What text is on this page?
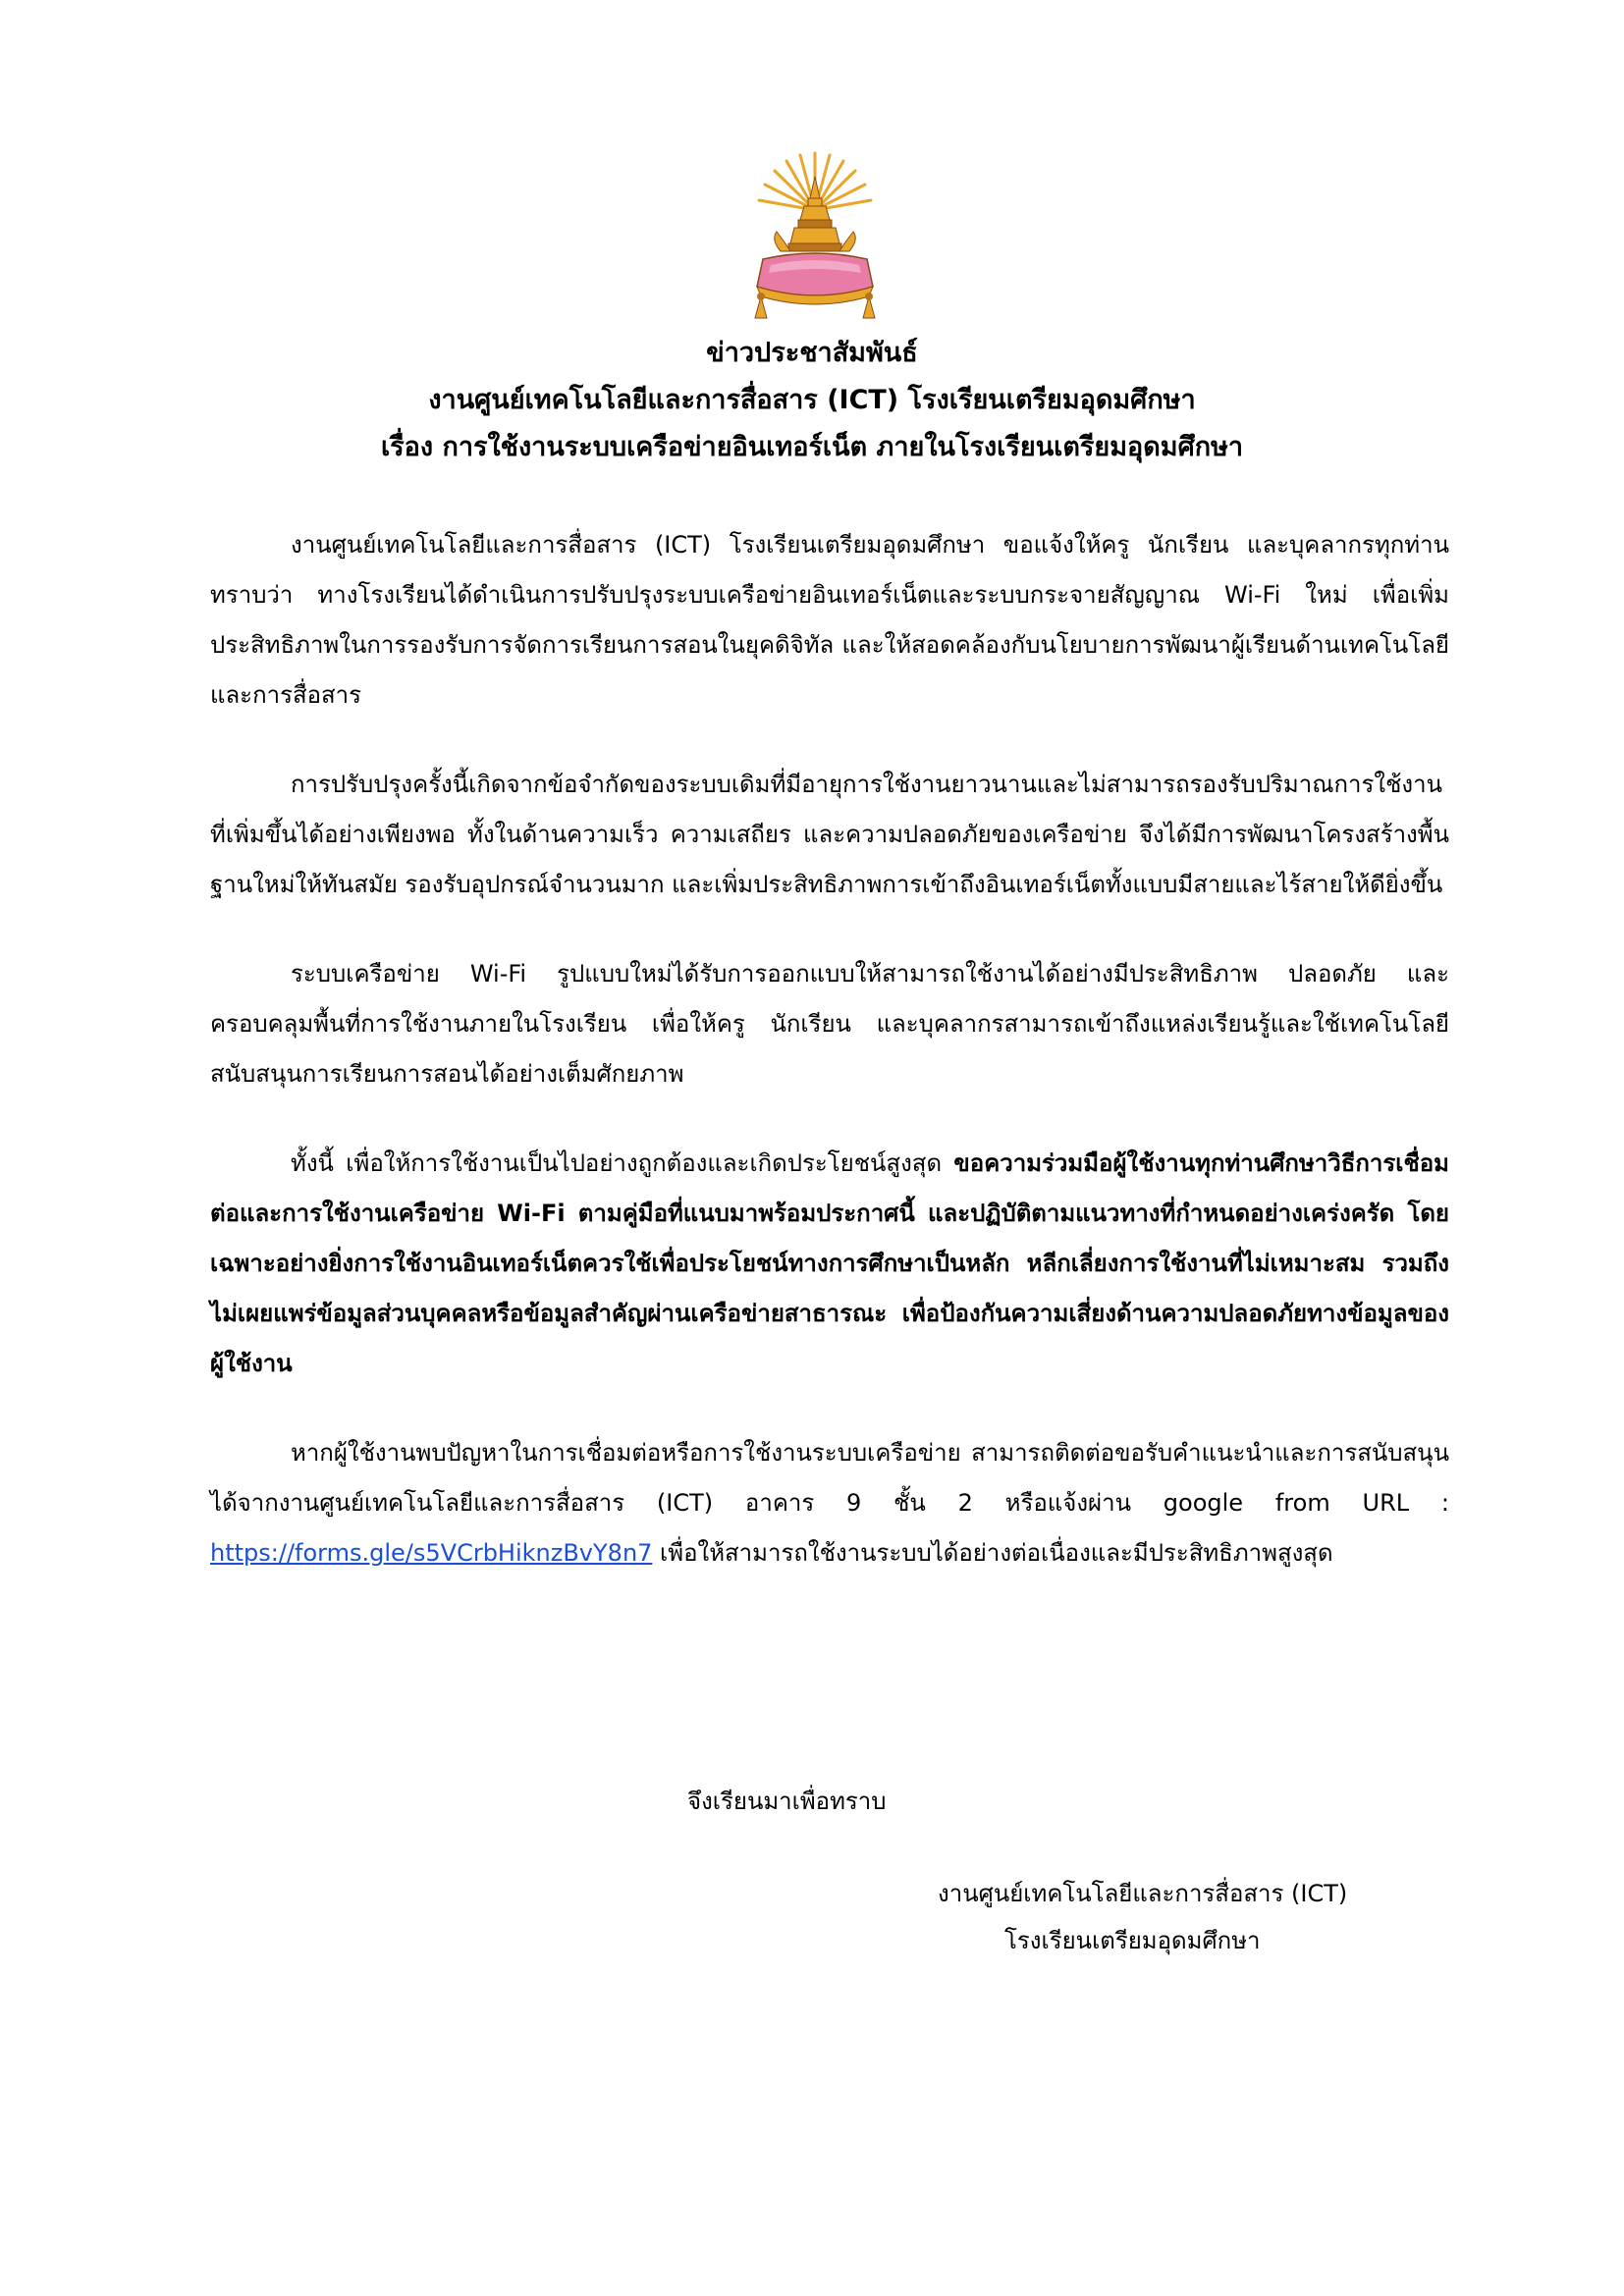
ข่าวประชาสัมพันธ์
งานศูนย์เทคโนโลยีและการสื่อสาร (ICT) โรงเรียนเตรียมอุดมศึกษา
เรื่อง การใช้งานระบบเครือข่ายอินเทอร์เน็ต ภายในโรงเรียนเตรียมอุดมศึกษา

งานศูนย์เทคโนโลยีและการสื่อสาร (ICT) โรงเรียนเตรียมอุดมศึกษา ขอแจ้งให้ครู นักเรียน และบุคลากรทุกท่านทราบว่า ทางโรงเรียนได้ดำเนินการปรับปรุงระบบเครือข่ายอินเทอร์เน็ตและระบบกระจายสัญญาณ Wi-Fi ใหม่ เพื่อเพิ่มประสิทธิภาพในการรองรับการจัดการเรียนการสอนในยุคดิจิทัล และให้สอดคล้องกับนโยบายการพัฒนาผู้เรียนด้านเทคโนโลยีและการสื่อสาร

การปรับปรุงครั้งนี้เกิดจากข้อจำกัดของระบบเดิมที่มีอายุการใช้งานยาวนานและไม่สามารถรองรับปริมาณการใช้งานที่เพิ่มขึ้นได้อย่างเพียงพอ ทั้งในด้านความเร็ว ความเสถียร และความปลอดภัยของเครือข่าย จึงได้มีการพัฒนาโครงสร้างพื้นฐานใหม่ให้ทันสมัย รองรับอุปกรณ์จำนวนมาก และเพิ่มประสิทธิภาพการเข้าถึงอินเทอร์เน็ตทั้งแบบมีสายและไร้สายให้ดียิ่งขึ้น

ระบบเครือข่าย Wi-Fi รูปแบบใหม่ได้รับการออกแบบให้สามารถใช้งานได้อย่างมีประสิทธิภาพ ปลอดภัย และครอบคลุมพื้นที่การใช้งานภายในโรงเรียน เพื่อให้ครู นักเรียน และบุคลากรสามารถเข้าถึงแหล่งเรียนรู้และใช้เทคโนโลยีสนับสนุนการเรียนการสอนได้อย่างเต็มศักยภาพ

ทั้งนี้ เพื่อให้การใช้งานเป็นไปอย่างถูกต้องและเกิดประโยชน์สูงสุด ขอความร่วมมือผู้ใช้งานทุกท่านศึกษาวิธีการเชื่อมต่อและการใช้งานเครือข่าย Wi-Fi ตามคู่มือที่แนบมาพร้อมประกาศนี้ และปฏิบัติตามแนวทางที่กำหนดอย่างเคร่งครัด โดยเฉพาะอย่างยิ่งการใช้งานอินเทอร์เน็ตควรใช้เพื่อประโยชน์ทางการศึกษาเป็นหลัก หลีกเลี่ยงการใช้งานที่ไม่เหมาะสม รวมถึงไม่เผยแพร่ข้อมูลส่วนบุคคลหรือข้อมูลสำคัญผ่านเครือข่ายสาธารณะ เพื่อป้องกันความเสี่ยงด้านความปลอดภัยทางข้อมูลของผู้ใช้งาน

หากผู้ใช้งานพบปัญหาในการเชื่อมต่อหรือการใช้งานระบบเครือข่าย สามารถติดต่อขอรับคำแนะนำและการสนับสนุนได้จากงานศูนย์เทคโนโลยีและการสื่อสาร (ICT) อาคาร 9 ชั้น 2 หรือแจ้งผ่าน google from URL : https://forms.gle/s5VCrbHiknzBvY8n7 เพื่อให้สามารถใช้งานระบบได้อย่างต่อเนื่องและมีประสิทธิภาพสูงสุด

จึงเรียนมาเพื่อทราบ
งานศูนย์เทคโนโลยีและการสื่อสาร (ICT)
โรงเรียนเตรียมอุดมศึกษา
